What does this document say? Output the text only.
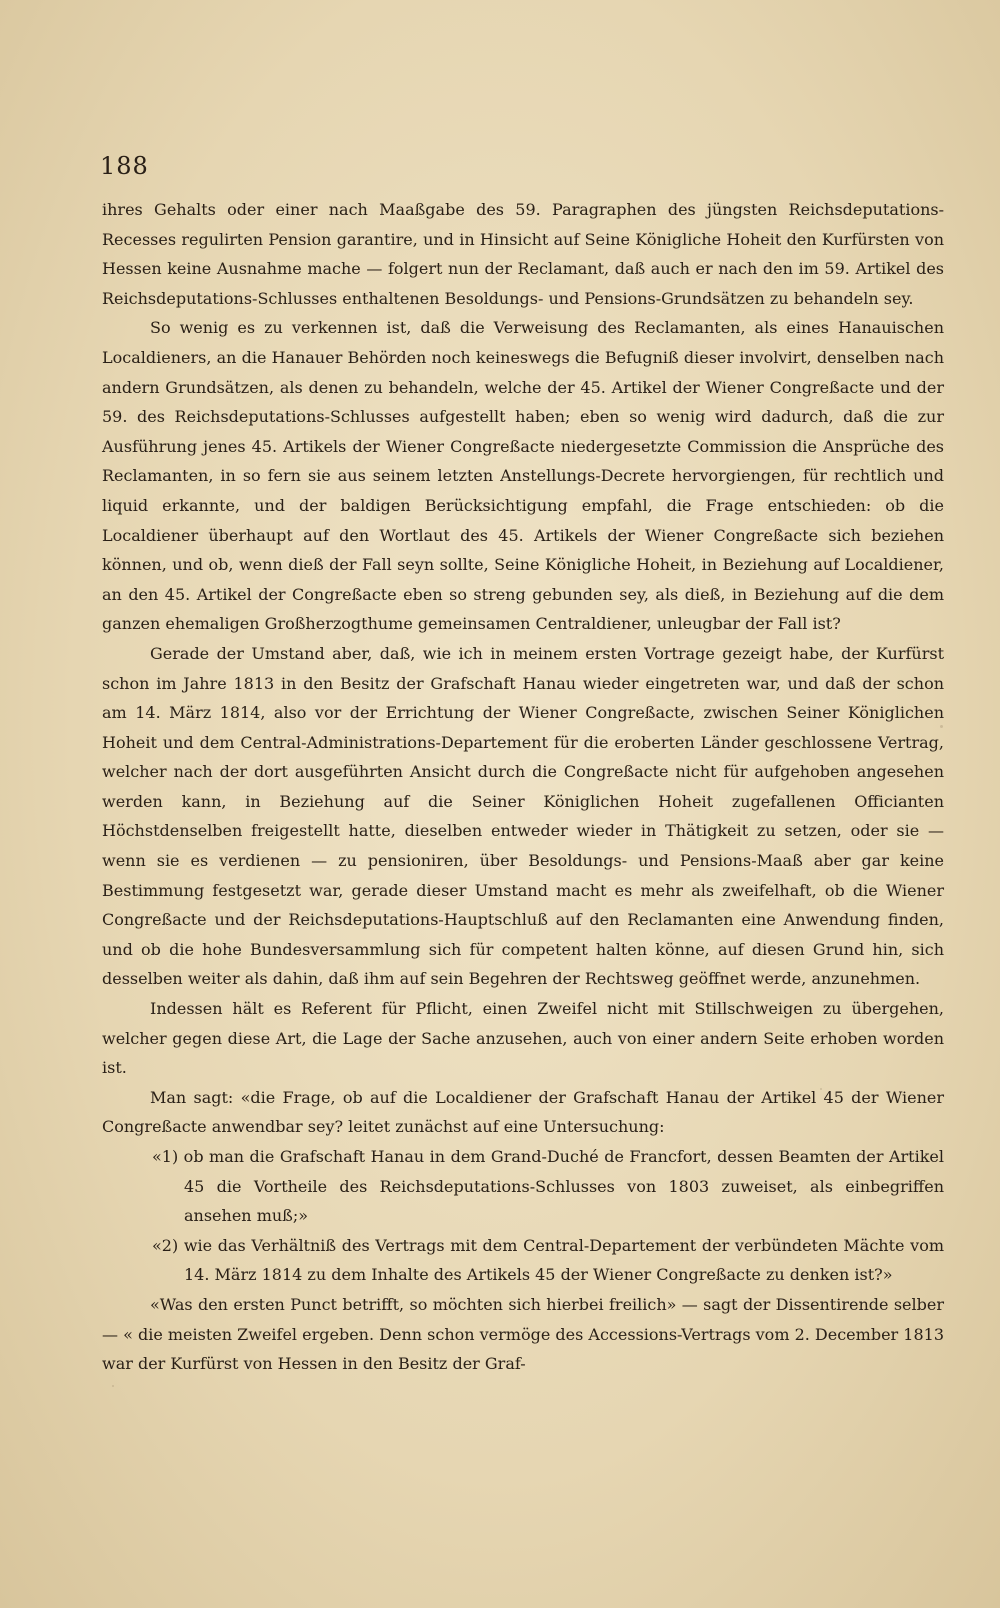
188

ihres Gehalts oder einer nach Maaßgabe des 59. Paragraphen des jüngsten Reichsdeputations-Recesses regulirten Pension garantire, und in Hinsicht auf Seine Königliche Hoheit den Kurfürsten von Hessen keine Ausnahme mache — folgert nun der Reclamant, daß auch er nach den im 59. Artikel des Reichsdeputations-Schlusses enthaltenen Besoldungs- und Pensions-Grundsätzen zu behandeln sey.

So wenig es zu verkennen ist, daß die Verweisung des Reclamanten, als eines Hanauischen Localdieners, an die Hanauer Behörden noch keineswegs die Befugniß dieser involvirt, denselben nach andern Grundsätzen, als denen zu behandeln, welche der 45. Artikel der Wiener Congreßacte und der 59. des Reichsdeputations-Schlusses aufgestellt haben; eben so wenig wird dadurch, daß die zur Ausführung jenes 45. Artikels der Wiener Congreßacte niedergesetzte Commission die Ansprüche des Reclamanten, in so fern sie aus seinem letzten Anstellungs-Decrete hervorgiengen, für rechtlich und liquid erkannte, und der baldigen Berücksichtigung empfahl, die Frage entschieden: ob die Localdiener überhaupt auf den Wortlaut des 45. Artikels der Wiener Congreßacte sich beziehen können, und ob, wenn dieß der Fall seyn sollte, Seine Königliche Hoheit, in Beziehung auf Localdiener, an den 45. Artikel der Congreßacte eben so streng gebunden sey, als dieß, in Beziehung auf die dem ganzen ehemaligen Großherzogthume gemeinsamen Centraldiener, unleugbar der Fall ist?

Gerade der Umstand aber, daß, wie ich in meinem ersten Vortrage gezeigt habe, der Kurfürst schon im Jahre 1813 in den Besitz der Grafschaft Hanau wieder eingetreten war, und daß der schon am 14. März 1814, also vor der Errichtung der Wiener Congreßacte, zwischen Seiner Königlichen Hoheit und dem Central-Administrations-Departement für die eroberten Länder geschlossene Vertrag, welcher nach der dort ausgeführten Ansicht durch die Congreßacte nicht für aufgehoben angesehen werden kann, in Beziehung auf die Seiner Königlichen Hoheit zugefallenen Officianten Höchstdenselben freigestellt hatte, dieselben entweder wieder in Thätigkeit zu setzen, oder sie — wenn sie es verdienen — zu pensioniren, über Besoldungs- und Pensions-Maaß aber gar keine Bestimmung festgesetzt war, gerade dieser Umstand macht es mehr als zweifelhaft, ob die Wiener Congreßacte und der Reichsdeputations-Hauptschluß auf den Reclamanten eine Anwendung finden, und ob die hohe Bundesversammlung sich für competent halten könne, auf diesen Grund hin, sich desselben weiter als dahin, daß ihm auf sein Begehren der Rechtsweg geöffnet werde, anzunehmen.

Indessen hält es Referent für Pflicht, einen Zweifel nicht mit Stillschweigen zu übergehen, welcher gegen diese Art, die Lage der Sache anzusehen, auch von einer andern Seite erhoben worden ist.

Man sagt: «die Frage, ob auf die Localdiener der Grafschaft Hanau der Artikel 45 der Wiener Congreßacte anwendbar sey? leitet zunächst auf eine Untersuchung:

«1) ob man die Grafschaft Hanau in dem Grand-Duché de Francfort, dessen Beamten der Artikel 45 die Vortheile des Reichsdeputations-Schlusses von 1803 zuweiset, als einbegriffen ansehen muß;»

«2) wie das Verhältniß des Vertrags mit dem Central-Departement der verbündeten Mächte vom 14. März 1814 zu dem Inhalte des Artikels 45 der Wiener Congreßacte zu denken ist?»

«Was den ersten Punct betrifft, so möchten sich hierbei freilich» — sagt der Dissentirende selber — « die meisten Zweifel ergeben. Denn schon vermöge des Accessions-Vertrags vom 2. December 1813 war der Kurfürst von Hessen in den Besitz der Graf-
